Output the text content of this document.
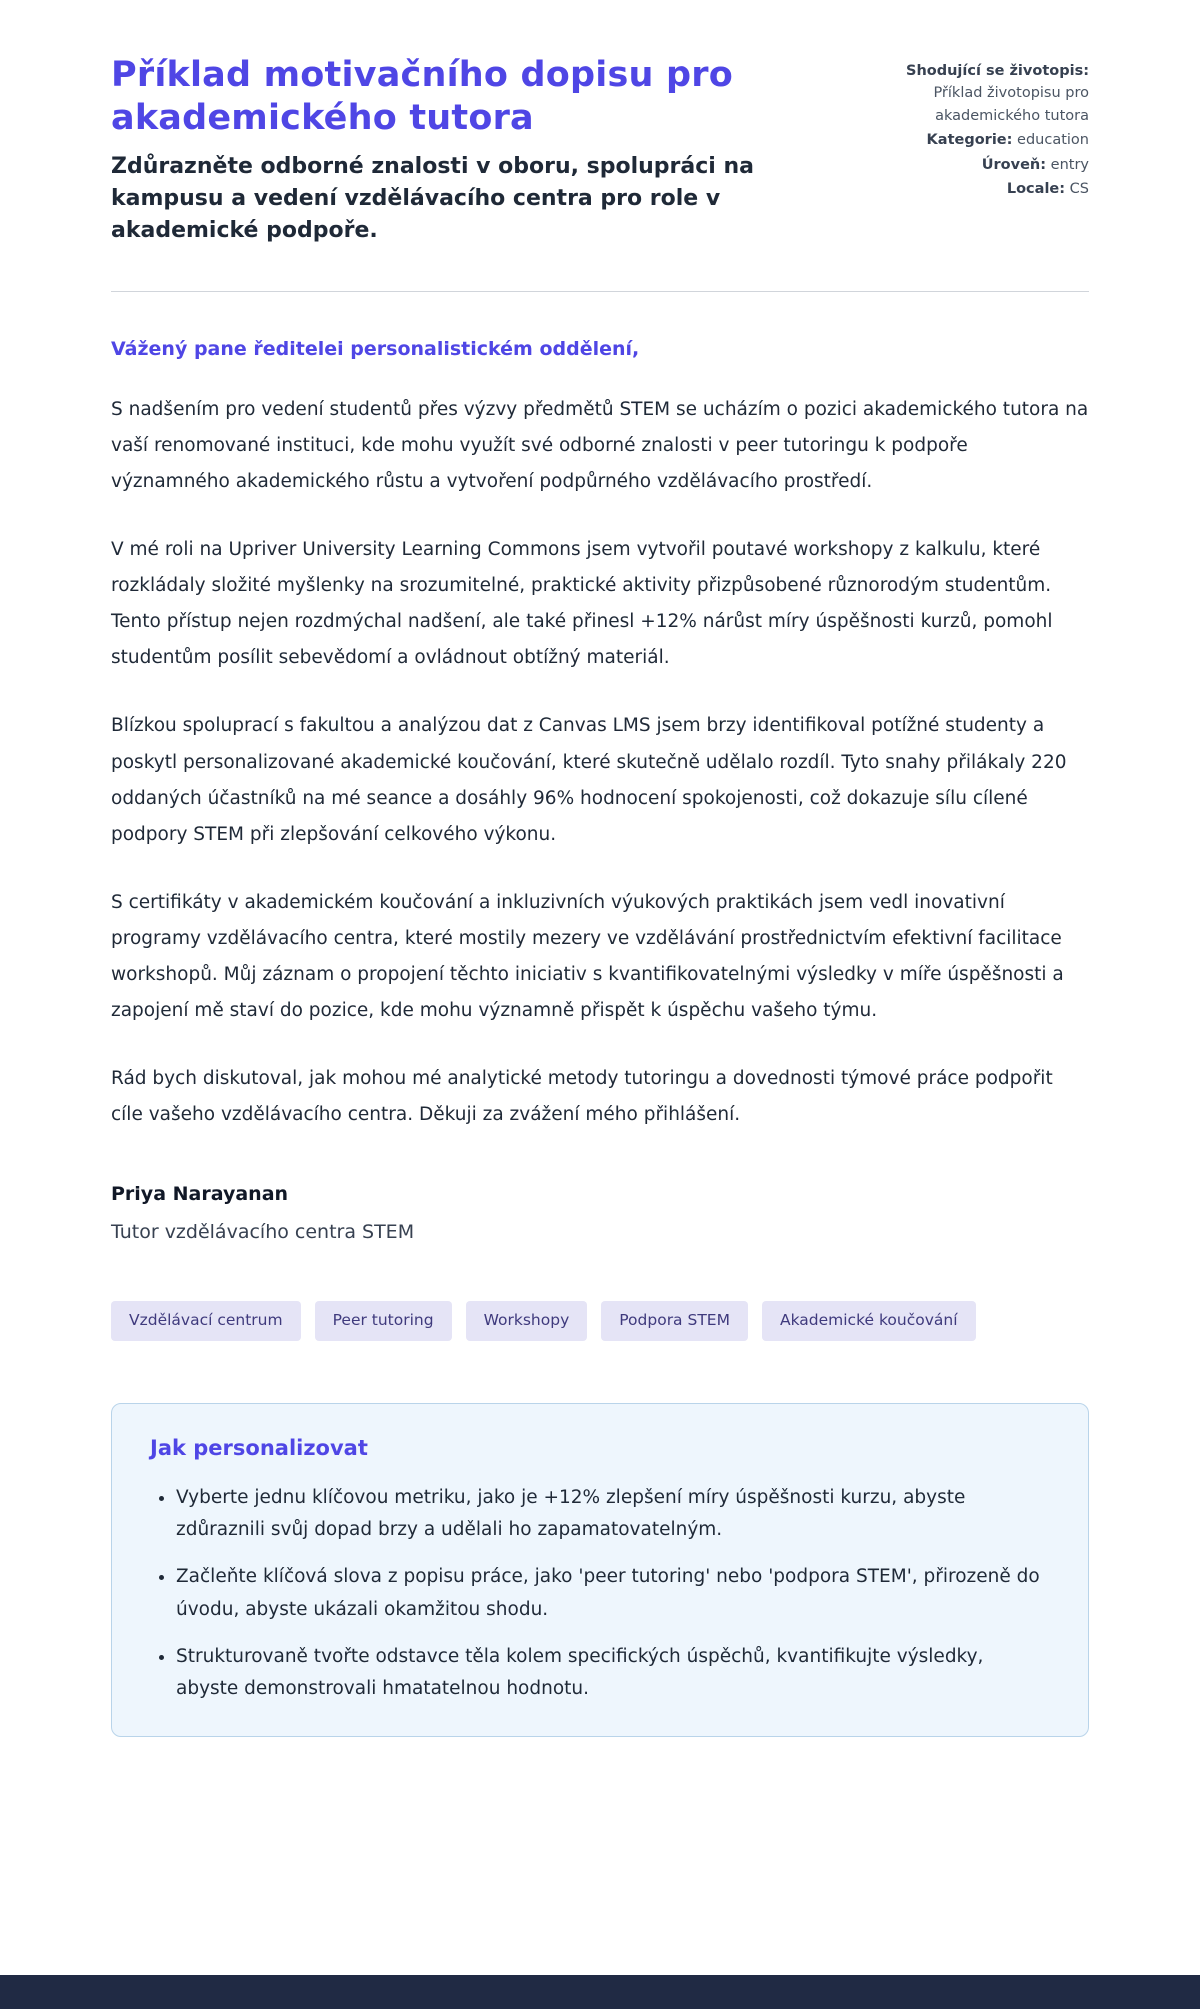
Příklad motivačního dopisu pro akademického tutora
Zdůrazněte odborné znalosti v oboru, spolupráci na kampusu a vedení vzdělávacího centra pro role v akademické podpoře.
Shodující se životopis:
Příklad životopisu pro akademického tutora
Kategorie: education
Úroveň: entry
Locale: CS

Vážený pane ředitelei personalistickém oddělení,

S nadšením pro vedení studentů přes výzvy předmětů STEM se ucházím o pozici akademického tutora na vaší renomované instituci, kde mohu využít své odborné znalosti v peer tutoringu k podpoře významného akademického růstu a vytvoření podpůrného vzdělávacího prostředí.

V mé roli na Upriver University Learning Commons jsem vytvořil poutavé workshopy z kalkulu, které rozkládaly složité myšlenky na srozumitelné, praktické aktivity přizpůsobené různorodým studentům. Tento přístup nejen rozdmýchal nadšení, ale také přinesl +12% nárůst míry úspěšnosti kurzů, pomohl studentům posílit sebevědomí a ovládnout obtížný materiál.

Blízkou spoluprací s fakultou a analýzou dat z Canvas LMS jsem brzy identifikoval potížné studenty a poskytl personalizované akademické koučování, které skutečně udělalo rozdíl. Tyto snahy přilákaly 220 oddaných účastníků na mé seance a dosáhly 96% hodnocení spokojenosti, což dokazuje sílu cílené podpory STEM při zlepšování celkového výkonu.

S certifikáty v akademickém koučování a inkluzivních výukových praktikách jsem vedl inovativní programy vzdělávacího centra, které mostily mezery ve vzdělávání prostřednictvím efektivní facilitace workshopů. Můj záznam o propojení těchto iniciativ s kvantifikovatelnými výsledky v míře úspěšnosti a zapojení mě staví do pozice, kde mohu významně přispět k úspěchu vašeho týmu.

Rád bych diskutoval, jak mohou mé analytické metody tutoringu a dovednosti týmové práce podpořit cíle vašeho vzdělávacího centra. Děkuji za zvážení mého přihlášení.

Priya Narayanan

Tutor vzdělávacího centra STEM

Vzdělávací centrum	Peer tutoring	Workshopy	Podpora STEM	Akademické koučování
Jak personalizovat
• Vyberte jednu klíčovou metriku, jako je +12% zlepšení míry úspěšnosti kurzu, abyste zdůraznili svůj dopad brzy a udělali ho zapamatovatelným.
• Začleňte klíčová slova z popisu práce, jako 'peer tutoring' nebo 'podpora STEM', přirozeně do úvodu, abyste ukázali okamžitou shodu.
• Strukturovaně tvořte odstavce těla kolem specifických úspěchů, kvantifikujte výsledky, abyste demonstrovali hmatatelnou hodnotu.
